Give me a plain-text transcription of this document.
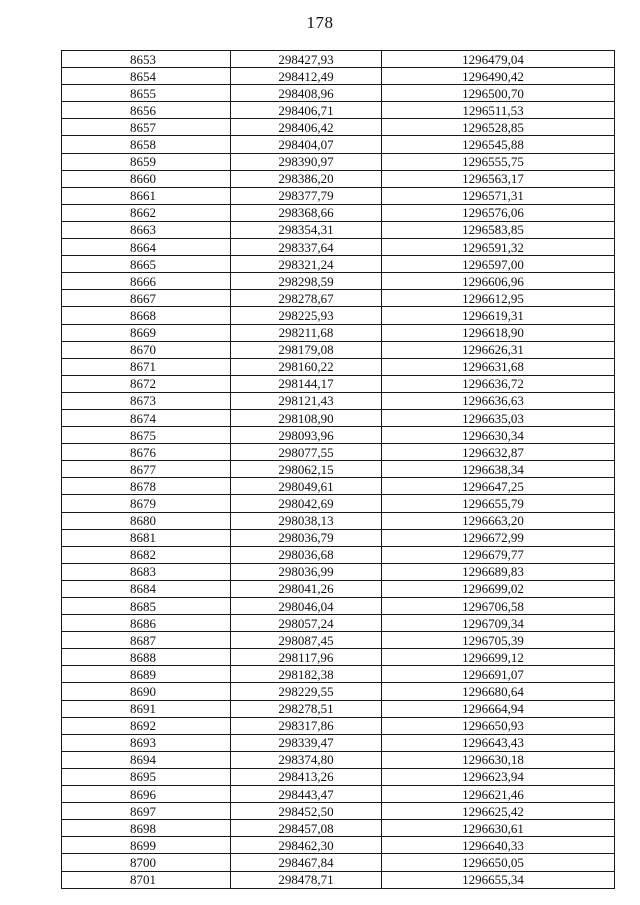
178
8653	298427,93	1296479,04
8654	298412,49	1296490,42
8655	298408,96	1296500,70
8656	298406,71	1296511,53
8657	298406,42	1296528,85
8658	298404,07	1296545,88
8659	298390,97	1296555,75
8660	298386,20	1296563,17
8661	298377,79	1296571,31
8662	298368,66	1296576,06
8663	298354,31	1296583,85
8664	298337,64	1296591,32
8665	298321,24	1296597,00
8666	298298,59	1296606,96
8667	298278,67	1296612,95
8668	298225,93	1296619,31
8669	298211,68	1296618,90
8670	298179,08	1296626,31
8671	298160,22	1296631,68
8672	298144,17	1296636,72
8673	298121,43	1296636,63
8674	298108,90	1296635,03
8675	298093,96	1296630,34
8676	298077,55	1296632,87
8677	298062,15	1296638,34
8678	298049,61	1296647,25
8679	298042,69	1296655,79
8680	298038,13	1296663,20
8681	298036,79	1296672,99
8682	298036,68	1296679,77
8683	298036,99	1296689,83
8684	298041,26	1296699,02
8685	298046,04	1296706,58
8686	298057,24	1296709,34
8687	298087,45	1296705,39
8688	298117,96	1296699,12
8689	298182,38	1296691,07
8690	298229,55	1296680,64
8691	298278,51	1296664,94
8692	298317,86	1296650,93
8693	298339,47	1296643,43
8694	298374,80	1296630,18
8695	298413,26	1296623,94
8696	298443,47	1296621,46
8697	298452,50	1296625,42
8698	298457,08	1296630,61
8699	298462,30	1296640,33
8700	298467,84	1296650,05
8701	298478,71	1296655,34
